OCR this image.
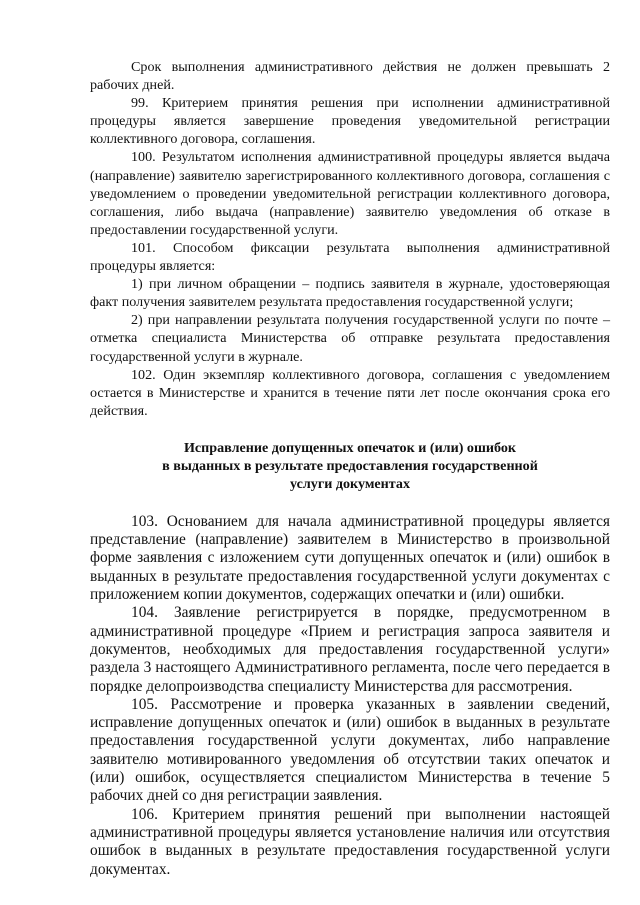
Срок выполнения административного действия не должен превышать 2 рабочих дней.

99. Критерием принятия решения при исполнении административной процедуры является завершение проведения уведомительной регистрации коллективного договора, соглашения.

100. Результатом исполнения административной процедуры является выдача (направление) заявителю зарегистрированного коллективного договора, соглашения с уведомлением о проведении уведомительной регистрации коллективного договора, соглашения, либо выдача (направление) заявителю уведомления об отказе в предоставлении государственной услуги.

101. Способом фиксации результата выполнения административной процедуры является:

1) при личном обращении – подпись заявителя в журнале, удостоверяющая факт получения заявителем результата предоставления государственной услуги;

2) при направлении результата получения государственной услуги по почте – отметка специалиста Министерства об отправке результата предоставления государственной услуги в журнале.

102. Один экземпляр коллективного договора, соглашения с уведомлением остается в Министерстве и хранится в течение пяти лет после окончания срока его действия.

Исправление допущенных опечаток и (или) ошибок
в выданных в результате предоставления государственной
услуги документах

103. Основанием для начала административной процедуры является представление (направление) заявителем в Министерство в произвольной форме заявления с изложением сути допущенных опечаток и (или) ошибок в выданных в результате предоставления государственной услуги документах с приложением копии документов, содержащих опечатки и (или) ошибки.

104. Заявление регистрируется в порядке, предусмотренном в административной процедуре «Прием и регистрация запроса заявителя и документов, необходимых для предоставления государственной услуги» раздела 3 настоящего Административного регламента, после чего передается в порядке делопроизводства специалисту Министерства для рассмотрения.

105. Рассмотрение и проверка указанных в заявлении сведений, исправление допущенных опечаток и (или) ошибок в выданных в результате предоставления государственной услуги документах, либо направление заявителю мотивированного уведомления об отсутствии таких опечаток и (или) ошибок, осуществляется специалистом Министерства в течение 5 рабочих дней со дня регистрации заявления.

106. Критерием принятия решений при выполнении настоящей административной процедуры является установление наличия или отсутствия ошибок в выданных в результате предоставления государственной услуги документах.
